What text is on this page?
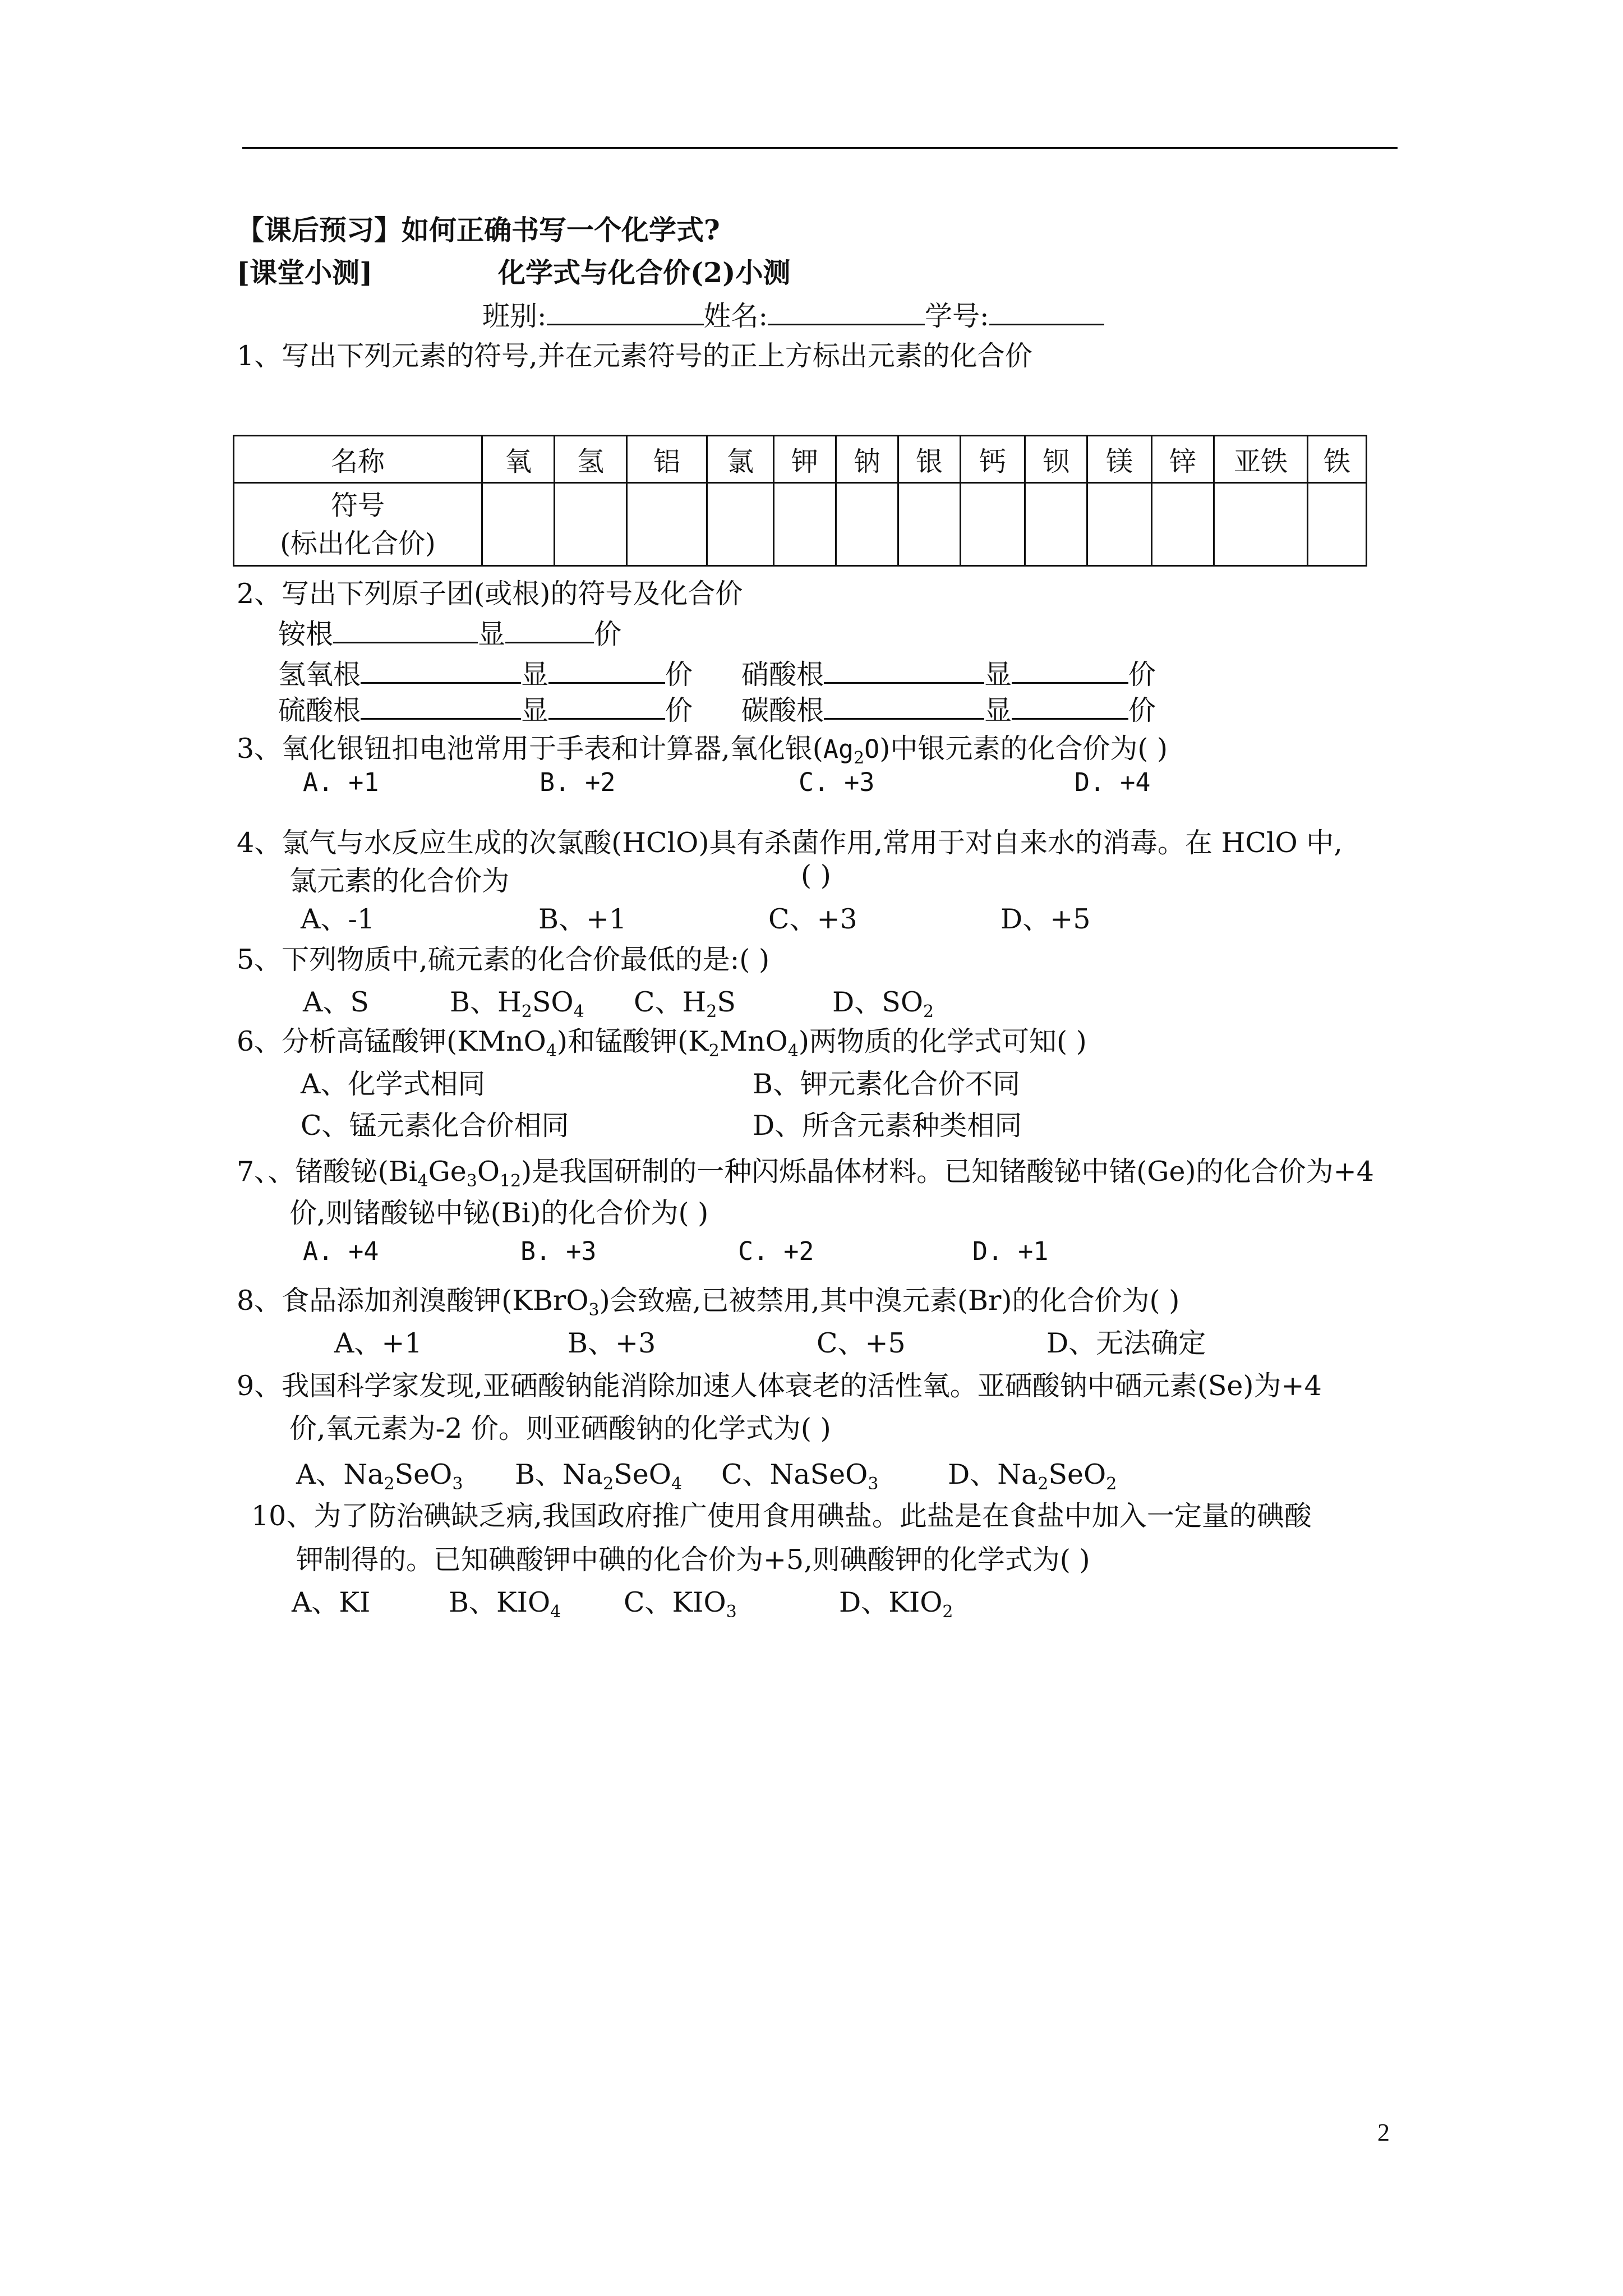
【课后预习】如何正确书写一个化学式?
[课堂小测]	化学式与化合价(2)小测
班别:	姓名:	学号:
1、写出下列元素的符号,并在元素符号的正上方标出元素的化合价
名称	氧	氢	铝	氯	钾	钠	银	钙	钡	镁	锌	亚铁	铁

符号
(标出化合价)													

2、写出下列原子团(或根)的符号及化合价
铵根	显	价
氢氧根	显	价 硝酸根	显	价
硫酸根	显	价 碳酸根	显	价
3、氧化银钮扣电池常用于手表和计算器,氧化银$(Ag_2O)$中银元素的化合价为( )
A. +1	B. +2	C. +3	D. +4
4、氯气与水反应生成的次氯酸(HClO)具有杀菌作用,常用于对自来水的消毒。在 HClO 中,
氯元素的化合价为	( )
A、-1	B、+1	C、+3	D、+5
5、下列物质中,硫元素的化合价最低的是:( )
A、S	B、$H_2SO_4$ C、$H_2S$	D、$SO_2$
6、分析高锰酸钾(KMnO$_4$)和锰酸钾$(K_2MnO_4)$两物质的化学式可知( )
A、化学式相同	B、钾元素化合价不同
C、锰元素化合价相同	D、所含元素种类相同
7、、锗酸铋$(Bi_4Ge_3O_{12})$是我国研制的一种闪烁晶体材料。已知锗酸铋中锗(Ge)的化合价为+4
价,则锗酸铋中铋(Bi)的化合价为( )
A. +4	B. +3	C. +2	D. +1
8、食品添加剂溴酸钾(KBrO$_3$)会致癌,已被禁用,其中溴元素(Br)的化合价为( )
A、+1	B、+3	C、+5	D、无法确定
9、我国科学家发现,亚硒酸钠能消除加速人体衰老的活性氧。亚硒酸钠中硒元素(Se)为+4
价,氧元素为-2 价。则亚硒酸钠的化学式为( )
A、$Na_2SeO_3$ B、$Na_2SeO_4$ C、NaSeO$_3$	D、$Na_2SeO_2$
10、为了防治碘缺乏病,我国政府推广使用食用碘盐。此盐是在食盐中加入一定量的碘酸
钾制得的。已知碘酸钾中碘的化合价为+5,则碘酸钾的化学式为( )
A、KI	B、$KIO_4$ C、$KIO_3$	D、$KIO_2$
2
